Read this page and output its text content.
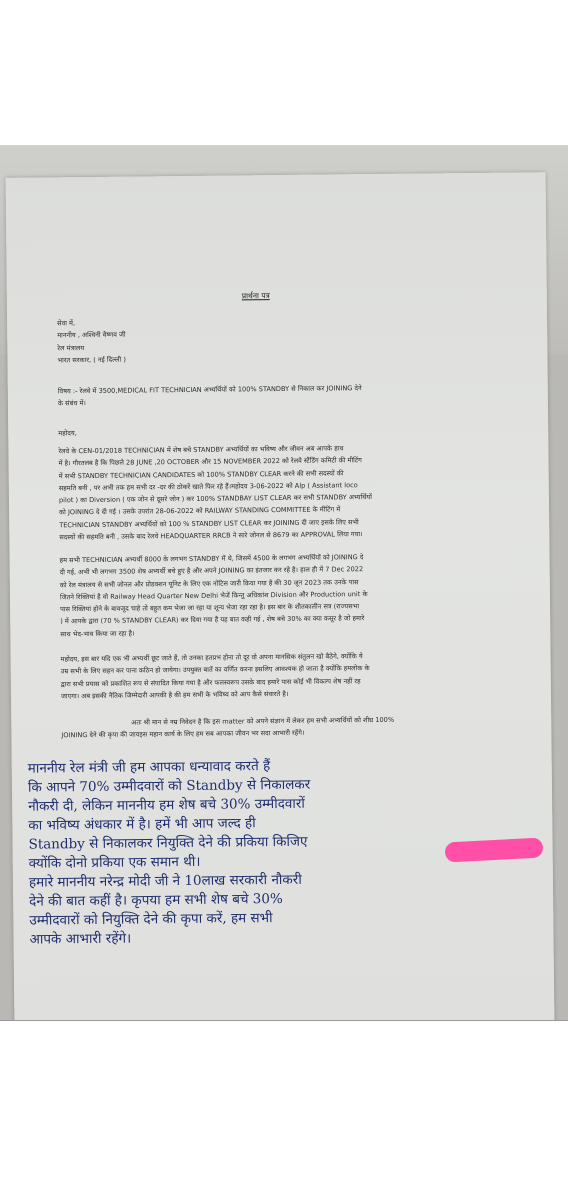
प्रार्थना पत्र
सेवा में,
माननीय , अश्विनी वैष्णव जी
रेल मंत्रालय
भारत सरकार, ( नई दिल्ली )
विषय :- रेलवे में 3500,MEDICAL FIT TECHNICIAN अभ्यर्थियों को 100% STANDBY से निकाल कर JOINING देने
के संबंध में।
महोदय,
रेलवे के CEN-01/2018 TECHNICIAN में शेष बचे STANDBY अभ्यर्थियों का भविष्य और जीवन अब आपके हाथ
में है। गौरतलब है कि पिछले 28 JUNE ,20 OCTOBER और 15 NOVEMBER 2022 को रेलवे स्टैंडिंग कमिटी की मीटिंग
में सभी STANDBY TECHNICIAN CANDIDATES को 100% STANDBY CLEAR करने की सभी सदस्यों की
सहमति बनी , पर अभी तक हम सभी दर -दर की ठोकरें खाते फिर रहे हैं।महोदय 3-06-2022 को Alp ( Assistant loco
pilot ) का Diversion ( एक जोन से दूसरे जोन ) कर 100% STANDBAY LIST CLEAR कर सभी STANDBY अभ्यर्थियों
को JOINING दे दी गई । उसके उपरांत 28-06-2022 को RAILWAY STANDING COMMITTEE के मीटिंग में
TECHNICIAN STANDBY अभ्यर्थियों को 100 % STANDBY LIST CLEAR कर JOINING दी जाए इसके लिए सभी
सदस्यों की सहमति बनी , उसके बाद रेलवे HEADQUARTER RRCB ने सारे जोनल से 8679 का APPROVAL लिया गया।
हम सभी TECHNICIAN अभ्यर्थी 8000 के लगभग STANDBY में थे, जिसमें 4500 के लगभग अभ्यर्थियों को JOINING दे
दी गई, अभी भी लगभग 3500 शेष अभ्यर्थी बचे हुए है और अपने JOINING का इंतजार कर रहे है। हाल ही में 7 Dec 2022
को रेल मंत्रालय से सभी जोनल और प्रोडक्शन यूनिट के लिए एक नोटिस जारी किया गया है की 30 जून 2023 तक उनके पास
जितने रिक्तियां है वो Railway Head Quarter New Delhi भेजें किन्तु अधिकांश Division और Production unit के
पास रिक्तियां होने के बावजूद चाहे तो बहुत कम भेजा जा रहा या शून्य भेजा रहा रहा है। इस बार के शीतकालीन सत्र (राज्यसभा
) में आपके द्वारा (70 % STANDBY CLEAR) कर दिया गया है यह बात कही गई , शेष बचे 30% का क्या कसूर है जो हमारे
साथ भेद-भाव किया जा रहा है।
महोदय, इस बार यदि एक भी अभ्यर्थी छूट जाते हैं, तो उनका हतप्रभ होना तो दूर वो अपना मानसिक संतुलन खो बैठेंगे, क्योंकि ये
उम्र सभी के लिए सहन कर पाना कठिन हो जायेगा। उपयुक्त बातें का वर्णित करना इसलिए आवश्यक हो जाता है क्योंकि हमलोक के
द्वारा सभी प्रयास को प्रकाशित रूप से संपादित किया गया है और फलस्वरूप उसके बाद हमारे पास कोई भी विकल्प शेष नहीं रह
जाएगा। अब इसकी नैतिक जिम्मेदारी आपकी है की हम सभी के भविष्य को आप कैसे संवारते है।
अतः श्री मान से नम्र निवेदन है कि इस matter को अपने संज्ञान में लेकर हम सभी अभ्यर्थियों को शीघ्र 100%
JOINING देने की कृपा की जायइस महान कार्य के लिए हम सब आपका जीवन भर सदा आभारी रहेंगे।
माननीय रेल मंत्री जी हम आपका धन्यावाद करते हैं
कि आपने 70% उम्मीदवारों को Standby से निकालकर
नौकरी दी, लेकिन माननीय हम शेष बचे 30% उम्मीदवारों
का भविष्य अंधकार में है। हमें भी आप जल्द ही
Standby से निकालकर नियुक्ति देने की प्रकिया किजिए
क्योंकि दोनो प्रकिया एक समान थी।
हमारे माननीय नरेन्द्र मोदी जी ने 10लाख सरकारी नौकरी
देने की बात कहीं है। कृपया हम सभी शेष बचे 30%
उम्मीदवारों को नियुक्ति देने की कृपा करें, हम सभी
आपके आभारी रहेंगे।
